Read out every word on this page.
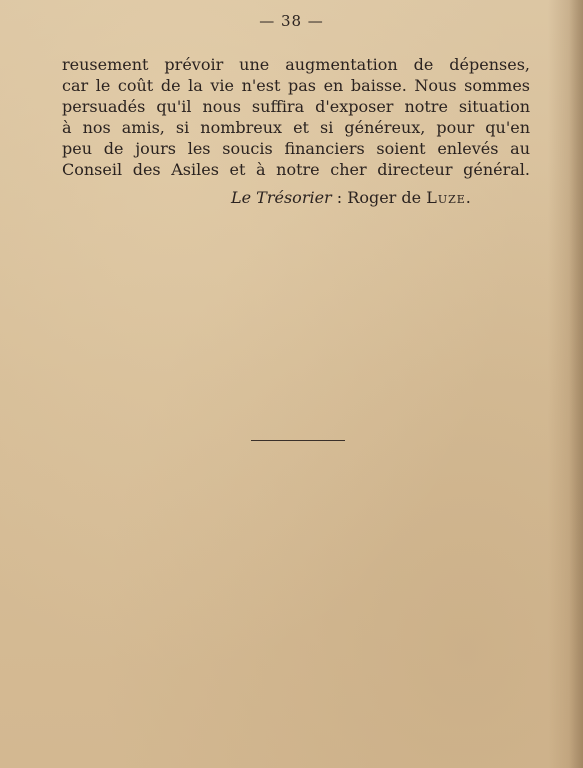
— 38 —
reusement prévoir une augmentation de dépenses,
car le coût de la vie n'est pas en baisse. Nous sommes
persuadés qu'il nous suffira d'exposer notre situation
à nos amis, si nombreux et si généreux, pour qu'en
peu de jours les soucis financiers soient enlevés au
Conseil des Asiles et à notre cher directeur général.
Le Trésorier : Roger de Luze.
